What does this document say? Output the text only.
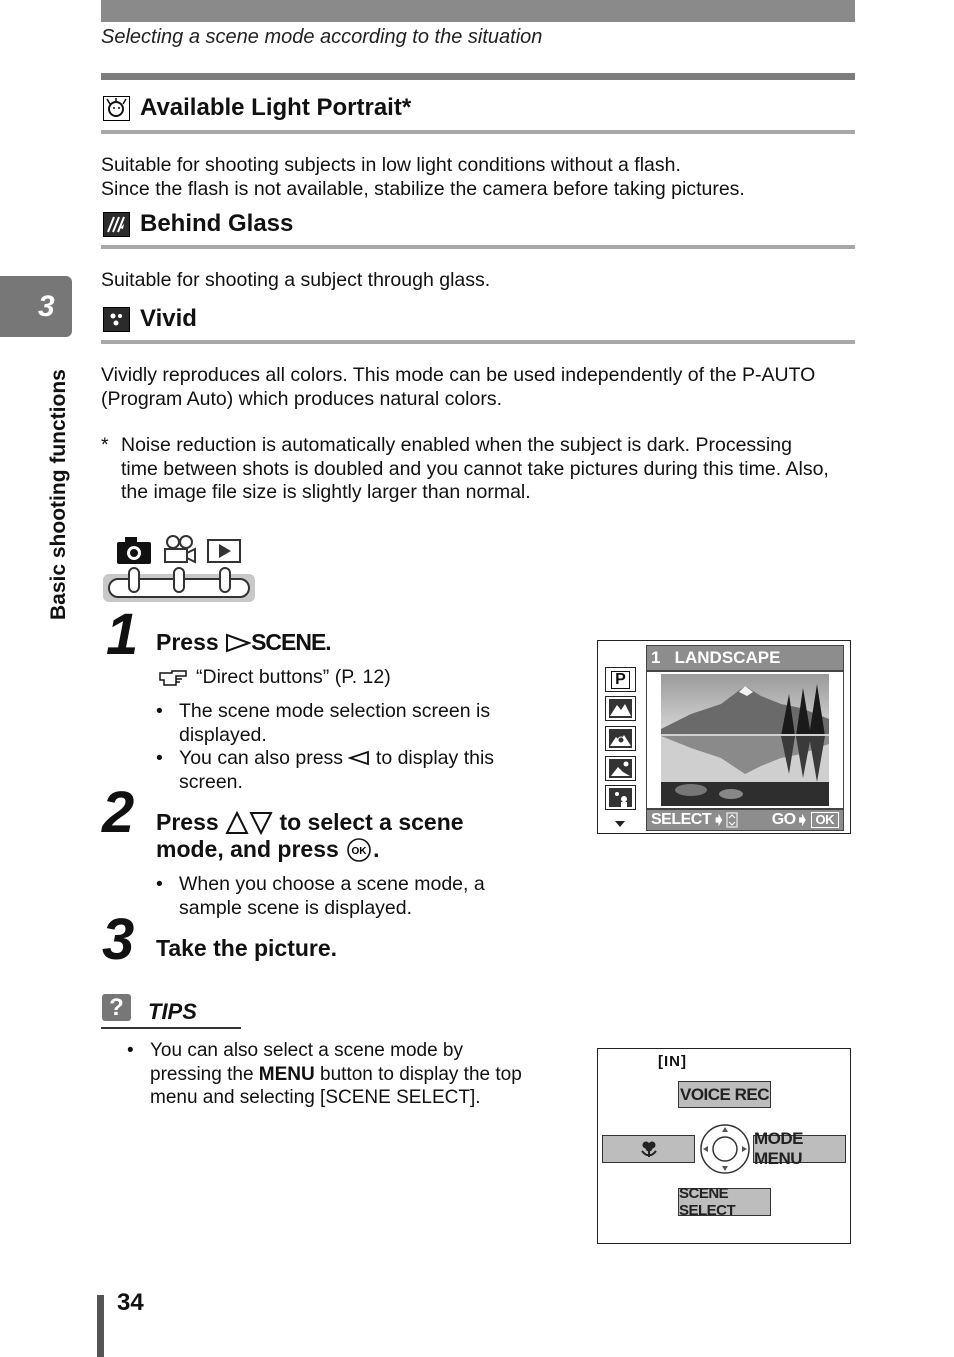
Selecting a scene mode according to the situation
3
Basic shooting functions
Available Light Portrait*
Suitable for shooting subjects in low light conditions without a flash.
Since the flash is not available, stabilize the camera before taking pictures.
Behind Glass
Suitable for shooting a subject through glass.
Vivid
Vividly reproduces all colors. This mode can be used independently of the P-AUTO
(Program Auto) which produces natural colors.
* Noise reduction is automatically enabled when the subject is dark. Processing
time between shots is doubled and you cannot take pictures during this time. Also,
the image file size is slightly larger than normal.
1 Press SCENE.
“Direct buttons” (P. 12)
• The scene mode selection screen is
displayed.
• You can also press  to display this
screen.
2 Press to select a scene
mode, and press OK .
• When you choose a scene mode, a
sample scene is displayed.
3 Take the picture.
P
1   LANDSCAPE
SELECT ➧	GO ➧ OK
?	TIPS
• You can also select a scene mode by
pressing the MENU button to display the top
menu and selecting [SCENE SELECT].
[IN]
VOICE REC
MODE MENU
SCENE SELECT
34
